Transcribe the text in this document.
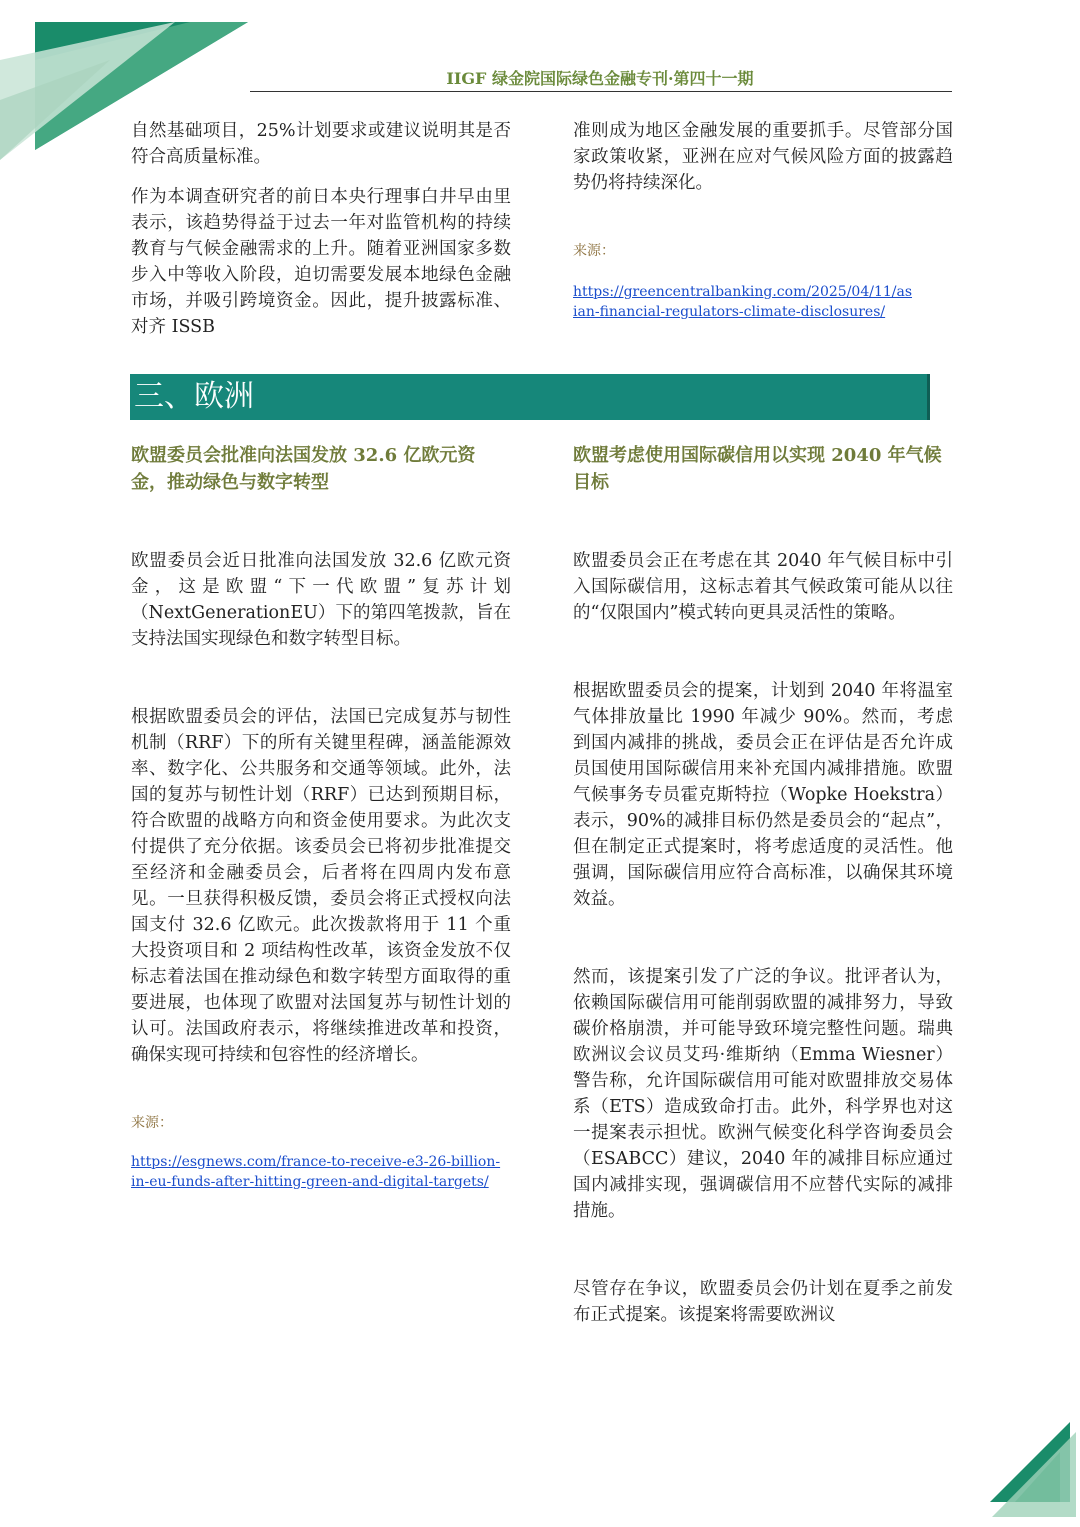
IIGF 绿金院国际绿色金融专刊·第四十一期

自然基础项目，25%计划要求或建议说明其是否符合高质量标准。

作为本调查研究者的前日本央行理事白井早由里表示，该趋势得益于过去一年对监管机构的持续教育与气候金融需求的上升。随着亚洲国家多数步入中等收入阶段，迫切需要发展本地绿色金融市场，并吸引跨境资金。因此，提升披露标准、对齐 ISSB

准则成为地区金融发展的重要抓手。尽管部分国家政策收紧，亚洲在应对气候风险方面的披露趋势仍将持续深化。

来源：
https://greencentralbanking.com/2025/04/11/asian-financial-regulators-climate-disclosures/
三、欧洲
欧盟委员会批准向法国发放 32.6 亿欧元资金，推动绿色与数字转型

欧盟委员会近日批准向法国发放 32.6 亿欧元资金，这是欧盟“下一代欧盟”复苏计划（NextGenerationEU）下的第四笔拨款，旨在支持法国实现绿色和数字转型目标。

根据欧盟委员会的评估，法国已完成复苏与韧性机制（RRF）下的所有关键里程碑，涵盖能源效率、数字化、公共服务和交通等领域。此外，法国的复苏与韧性计划（RRF）已达到预期目标，符合欧盟的战略方向和资金使用要求。为此次支付提供了充分依据。该委员会已将初步批准提交至经济和金融委员会，后者将在四周内发布意见。一旦获得积极反馈，委员会将正式授权向法国支付 32.6 亿欧元。此次拨款将用于 11 个重大投资项目和 2 项结构性改革，该资金发放不仅标志着法国在推动绿色和数字转型方面取得的重要进展，也体现了欧盟对法国复苏与韧性计划的认可。法国政府表示，将继续推进改革和投资，确保实现可持续和包容性的经济增长。

来源：
https://esgnews.com/france-to-receive-e3-26-billion-in-eu-funds-after-hitting-green-and-digital-targets/
欧盟考虑使用国际碳信用以实现 2040 年气候目标

欧盟委员会正在考虑在其 2040 年气候目标中引入国际碳信用，这标志着其气候政策可能从以往的“仅限国内”模式转向更具灵活性的策略。

根据欧盟委员会的提案，计划到 2040 年将温室气体排放量比 1990 年减少 90%。然而，考虑到国内减排的挑战，委员会正在评估是否允许成员国使用国际碳信用来补充国内减排措施。欧盟气候事务专员霍克斯特拉（Wopke Hoekstra）表示，90%的减排目标仍然是委员会的“起点”，但在制定正式提案时，将考虑适度的灵活性。他强调，国际碳信用应符合高标准，以确保其环境效益。

然而，该提案引发了广泛的争议。批评者认为，依赖国际碳信用可能削弱欧盟的减排努力，导致碳价格崩溃，并可能导致环境完整性问题。瑞典欧洲议会议员艾玛·维斯纳（Emma Wiesner）警告称，允许国际碳信用可能对欧盟排放交易体系（ETS）造成致命打击。此外，科学界也对这一提案表示担忧。欧洲气候变化科学咨询委员会（ESABCC）建议，2040 年的减排目标应通过国内减排实现，强调碳信用不应替代实际的减排措施。

尽管存在争议，欧盟委员会仍计划在夏季之前发布正式提案。该提案将需要欧洲议
